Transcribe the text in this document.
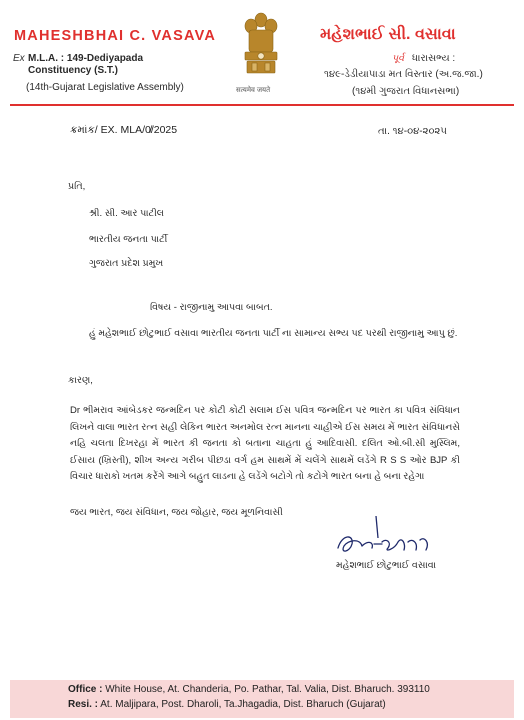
MAHESHBHAI C. VASAVA	મહેશભાઈ સી. વસાવા
Ex M.L.A. : 149-Dediyapada
Constituency (S.T.)
(14th-Gujarat Legislative Assembly)
પૂર્વ ધારાસભ્ય :
૧૪૯-ડેડીયાપાડા મત વિસ્તાર (અ.જ.જા.)
(૧૪મી ગુજરાત વિધાનસભા)
सत्यमेव जयते
ક્રમાંક/ EX. MLA/0̸/2025	તા. ૧૪-૦૪-૨૦૨૫
પ્રતિ,
શ્રી. સી. આર પાટીલ
ભારતીય જનતા પાર્ટી
ગુજરાત પ્રદેશ પ્રમુખ
વિષય - રાજીનામુ આપવા બાબત.
હું મહેશભાઈ છોટુભાઈ વસાવા ભારતીય જનતા પાર્ટી ના સામાન્ય સભ્ય પદ પરથી રાજીનામુ આપુ છું.
કારણ,
Dr ભીમરાવ આંબેડકર જન્મદિન પર કોટી કોટી સલામ ઈસ પવિત્ર જન્મદિન પર ભારત કા પવિત્ર સંવિધાન લિખને વાલા ભારત રત્ન સહી લેકિન ભારત અનમોલ રત્ન માનના ચાહીએ ઈસ સમય મેં ભારત સંવિધાનસે નહિ ચલતા દિખરહા મેં ભારત કી જનતા કો બતાના ચાહતા હું આદિવાસી. દલિત ઓ.બી.સી મુસ્લિમ, ઈસાય (ખ્રિસ્તી), શીખ અન્ય ગરીબ પીછડા વર્ગ હમ સાથમેં મેં ચલેંગે સાથમેં લડેંગે R S S ઓર BJP કી વિચાર ધારાકો ખતમ કરેંગે આગે બહુત લાડના હે લડેંગે બટોગે તો કટોગે ભારત બના હે બના રહેગા
જય ભારત, જય સંવિધાન, જય જોહાર, જય મૂળનિવાસી
મહેશભાઈ છોટુભાઈ વસાવા
Office : White House, At. Chanderia, Po. Pathar, Tal. Valia, Dist. Bharuch. 393110
Resi. : At. Maljipara, Post. Dharoli, Ta.Jhagadia, Dist. Bharuch (Gujarat)
